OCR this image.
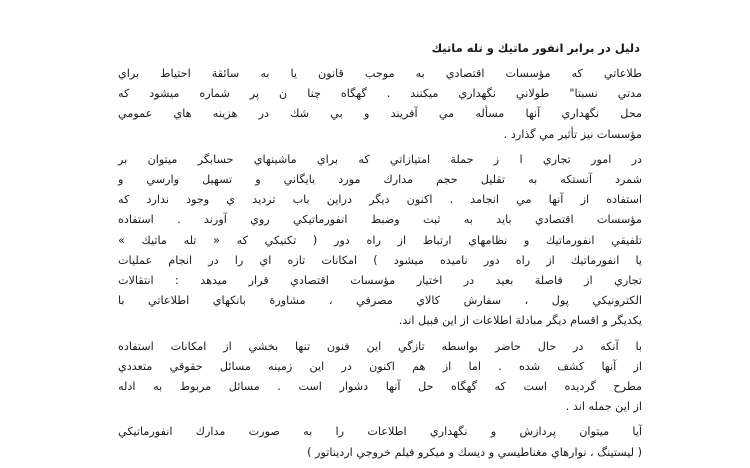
دليل در برابر انفور ماتيك و تله ماتيك

طلاعاتي كه مؤسسات اقتصادي به موجب قانون يا به سائقة احتياط براي
مدتي نسبتا" طولاني نگهداري ميكنند . گهگاه چنا ن پر شماره ميشود كه
محل نگهداري آنها مسأله مي آفريند و بي شك در هزينه هاي عمومي
مؤسسات نيز تأثير مي گذارد .

در امور تجاري ا ز جملة امتيازاتي كه براي ماشينهاي حسابگر ميتوان بر
شمرد آنستكه به تقليل حجم مدارك مورد بايگاني و تسهيل وارسي و
استفاده از آنها مي انجامد . اكنون ديگر دراين باب ترديد ي وجود ندارد كه
مؤسسات اقتصادي بايد به ثبت وضبط انفورماتيكي روي آورند . استفاده
تلفيقي انفورماتيك و نظامهاي ارتباط از راه دور ( تكنيكي كه « تله ماتيك »
يا انفورماتيك از راه دور ناميده ميشود ) امكانات تازه اي را در انجام عمليات
تجاري از فاصلة بعيد در اختيار مؤسسات اقتصادي قرار ميدهد : انتقالات
الكترونيكي پول ، سفارش كالاي مصرفي ، مشاورة بانكهاي اطلاعاتي با
يكديگر و اقسام ديگر مبادلة اطلاعات از اين قبيل اند.

با آنكه در حال حاضر بواسطه تازگي اين فنون تنها بخشي از امكانات استفاده
از آنها كشف شده . اما از هم اكنون در اين زمينه مسائل حقوقي متعددي
مطرح گرديده است كه گهگاه حل آنها دشوار است . مسائل مربوط به ادله
از اين جمله اند .

آيا ميتوان پردازش و نگهداري اطلاعات را به صورت مدارك انفورماتيكي
( ليستينگ ، نوارهاي مغناطيسي و ديسك و ميكرو فيلم خروجي اردیناتور )
